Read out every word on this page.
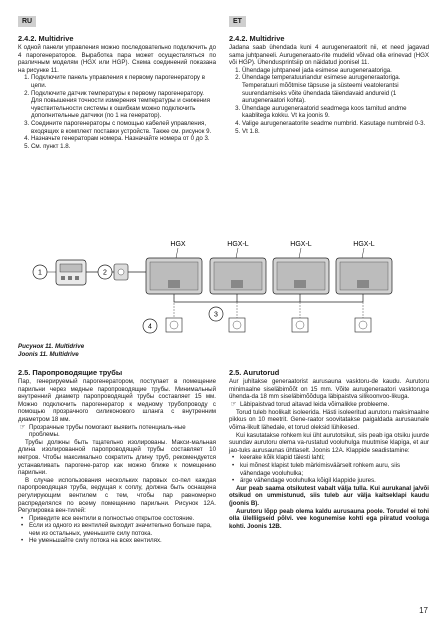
RU	ET
2.4.2. Multidrive

К одной панели управления можно последовательно подключить до 4 парогенераторов. Выработка пара может осуществляться по различным моделям (HGX или HGP). Схема соединений показана на рисунке 11.

1. Подключите панель управления к первому парогенератору в цепи.
2. Подключите датчик температуры к первому парогенератору. Для повышения точности измерения температуры и снижения чувствительности системы к ошибкам можно подключить дополнительные датчики (по 1 на генератор).
3. Соедините парогенераторы с помощью кабелей управления, входящих в комплект поставки устройств. Также см. рисунок 9.
4. Назначьте генераторам номера. Назначайте номера от 0 до 3.
5. См. пункт 1.8.
2.4.2. Multidrive

Jadana saab ühendada kuni 4 aurugeneraatorit nii, et need jagavad sama juhtpaneeli. Aurugeneraato-rite mudelid võivad olla erinevad (HGX või HGP). Ühendusprintsiip on näidatud joonisel 11.

1. Ühendage juhtpaneel jada esimese aurugeneraatoriga.
2. Ühendage temperatuuriandur esimese aurugeneraatoriga. Temperatuuri mõõtmise täpsuse ja süsteemi veatolerantsi suurendamiseks võite ühendada täiendavaid andureid (1 aurugeneraatori kohta).
3. Ühendage aurugeneraatorid seadmega koos tarnitud andme kaablitega kokku. Vt ka joonis 9.
4. Valige aurugeneraatorite seadme numbrid. Kasutage numbreid 0-3.
5. Vt 1.8.
HGX	HGX-L	HGX-L	HGX-L
1	2
3
4
Рисунок 11. Multidrive
Joonis 11. Multidrive
2.5. Паропроводящие трубы

Пар, генерируемый парогенератором, поступает в помещение парильни через медные паропроводящие трубы. Минимальный внутренний диаметр паропроводящей трубы составляет 15 мм. Можно подключить парогенератор к медному трубопроводу с помощью прозрачного силиконового шланга с внутренним диаметром 18 мм.

☞ Прозрачные трубы помогают выявить потенциаль-ные проблемы.

Трубы должны быть тщательно изолированы. Макси-мальная длина изолированной паропроводящей трубы составляет 10 метров. Чтобы максимально сократить длину труб, рекомендуется устанавливать парогене-ратор как можно ближе к помещению парильни.

В случае использования нескольких паровых со-пел каждая паропроводящая труба, ведущая к соплу, должна быть оснащена регулирующим вентилем с тем, чтобы пар равномерно распределялся по всему помещению парильни. Рисунок 12A. Регулировка вен-тилей:

• Приведите все вентили в полностью открытое состояние.
• Если из одного из вентилей выходит значительно больше пара, чем из остальных, уменьшите силу потока.
• Не уменьшайте силу потока на всех вентилях.
2.5. Aurutorud

Aur juhitakse generaatorist aurusauna vasktoru-de kaudu. Aurutoru minimaalne siseläbimõõt on 15 mm. Võite aurugeneraatori vasktoruga ühenda-da 18 mm siseläbimõõduga läbipaistva silikoonvoo-likuga.

☞ Läbipaistvad torud aitavad leida võimalikke probleeme.

Torud tuleb hoolikalt isoleerida. Hästi isoleeritud aurutoru maksimaalne pikkus on 10 meetrit. Gene-raator soovitatakse paigaldada aurusaunale võima-likult lähedale, et torud oleksid lühikesed.

Kui kasutatakse rohkem kui üht aurutotsikut, siis peab iga otsiku juurde suundav aurutoru olema va-rustatud vooluhulga muutmise klapiga, et aur jao-tuks aurusaunas ühtlaselt. Joonis 12A. Klappide seadistamine:

• keerake kõik klapid täiesti lahti;
• kui mõnest klapist tuleb märkimisväärselt rohkem auru, siis vähendage vooluhulka;
• ärge vähendage vooluhulka kõigil klappide juures.

Aur peab saama otsikutest vabalt välja tulla. Kui aurukanal ja/või otsikud on ummistunud, siis tuleb aur välja kaitseklapi kaudu (joonis B).

Aurutoru lõpp peab olema kaldu aurusauna poole. Torudel ei tohi olla ülelliigseid põlvi. vee kogunemise kohti ega piiratud vooluga kohti. Joonis 12B.

17
